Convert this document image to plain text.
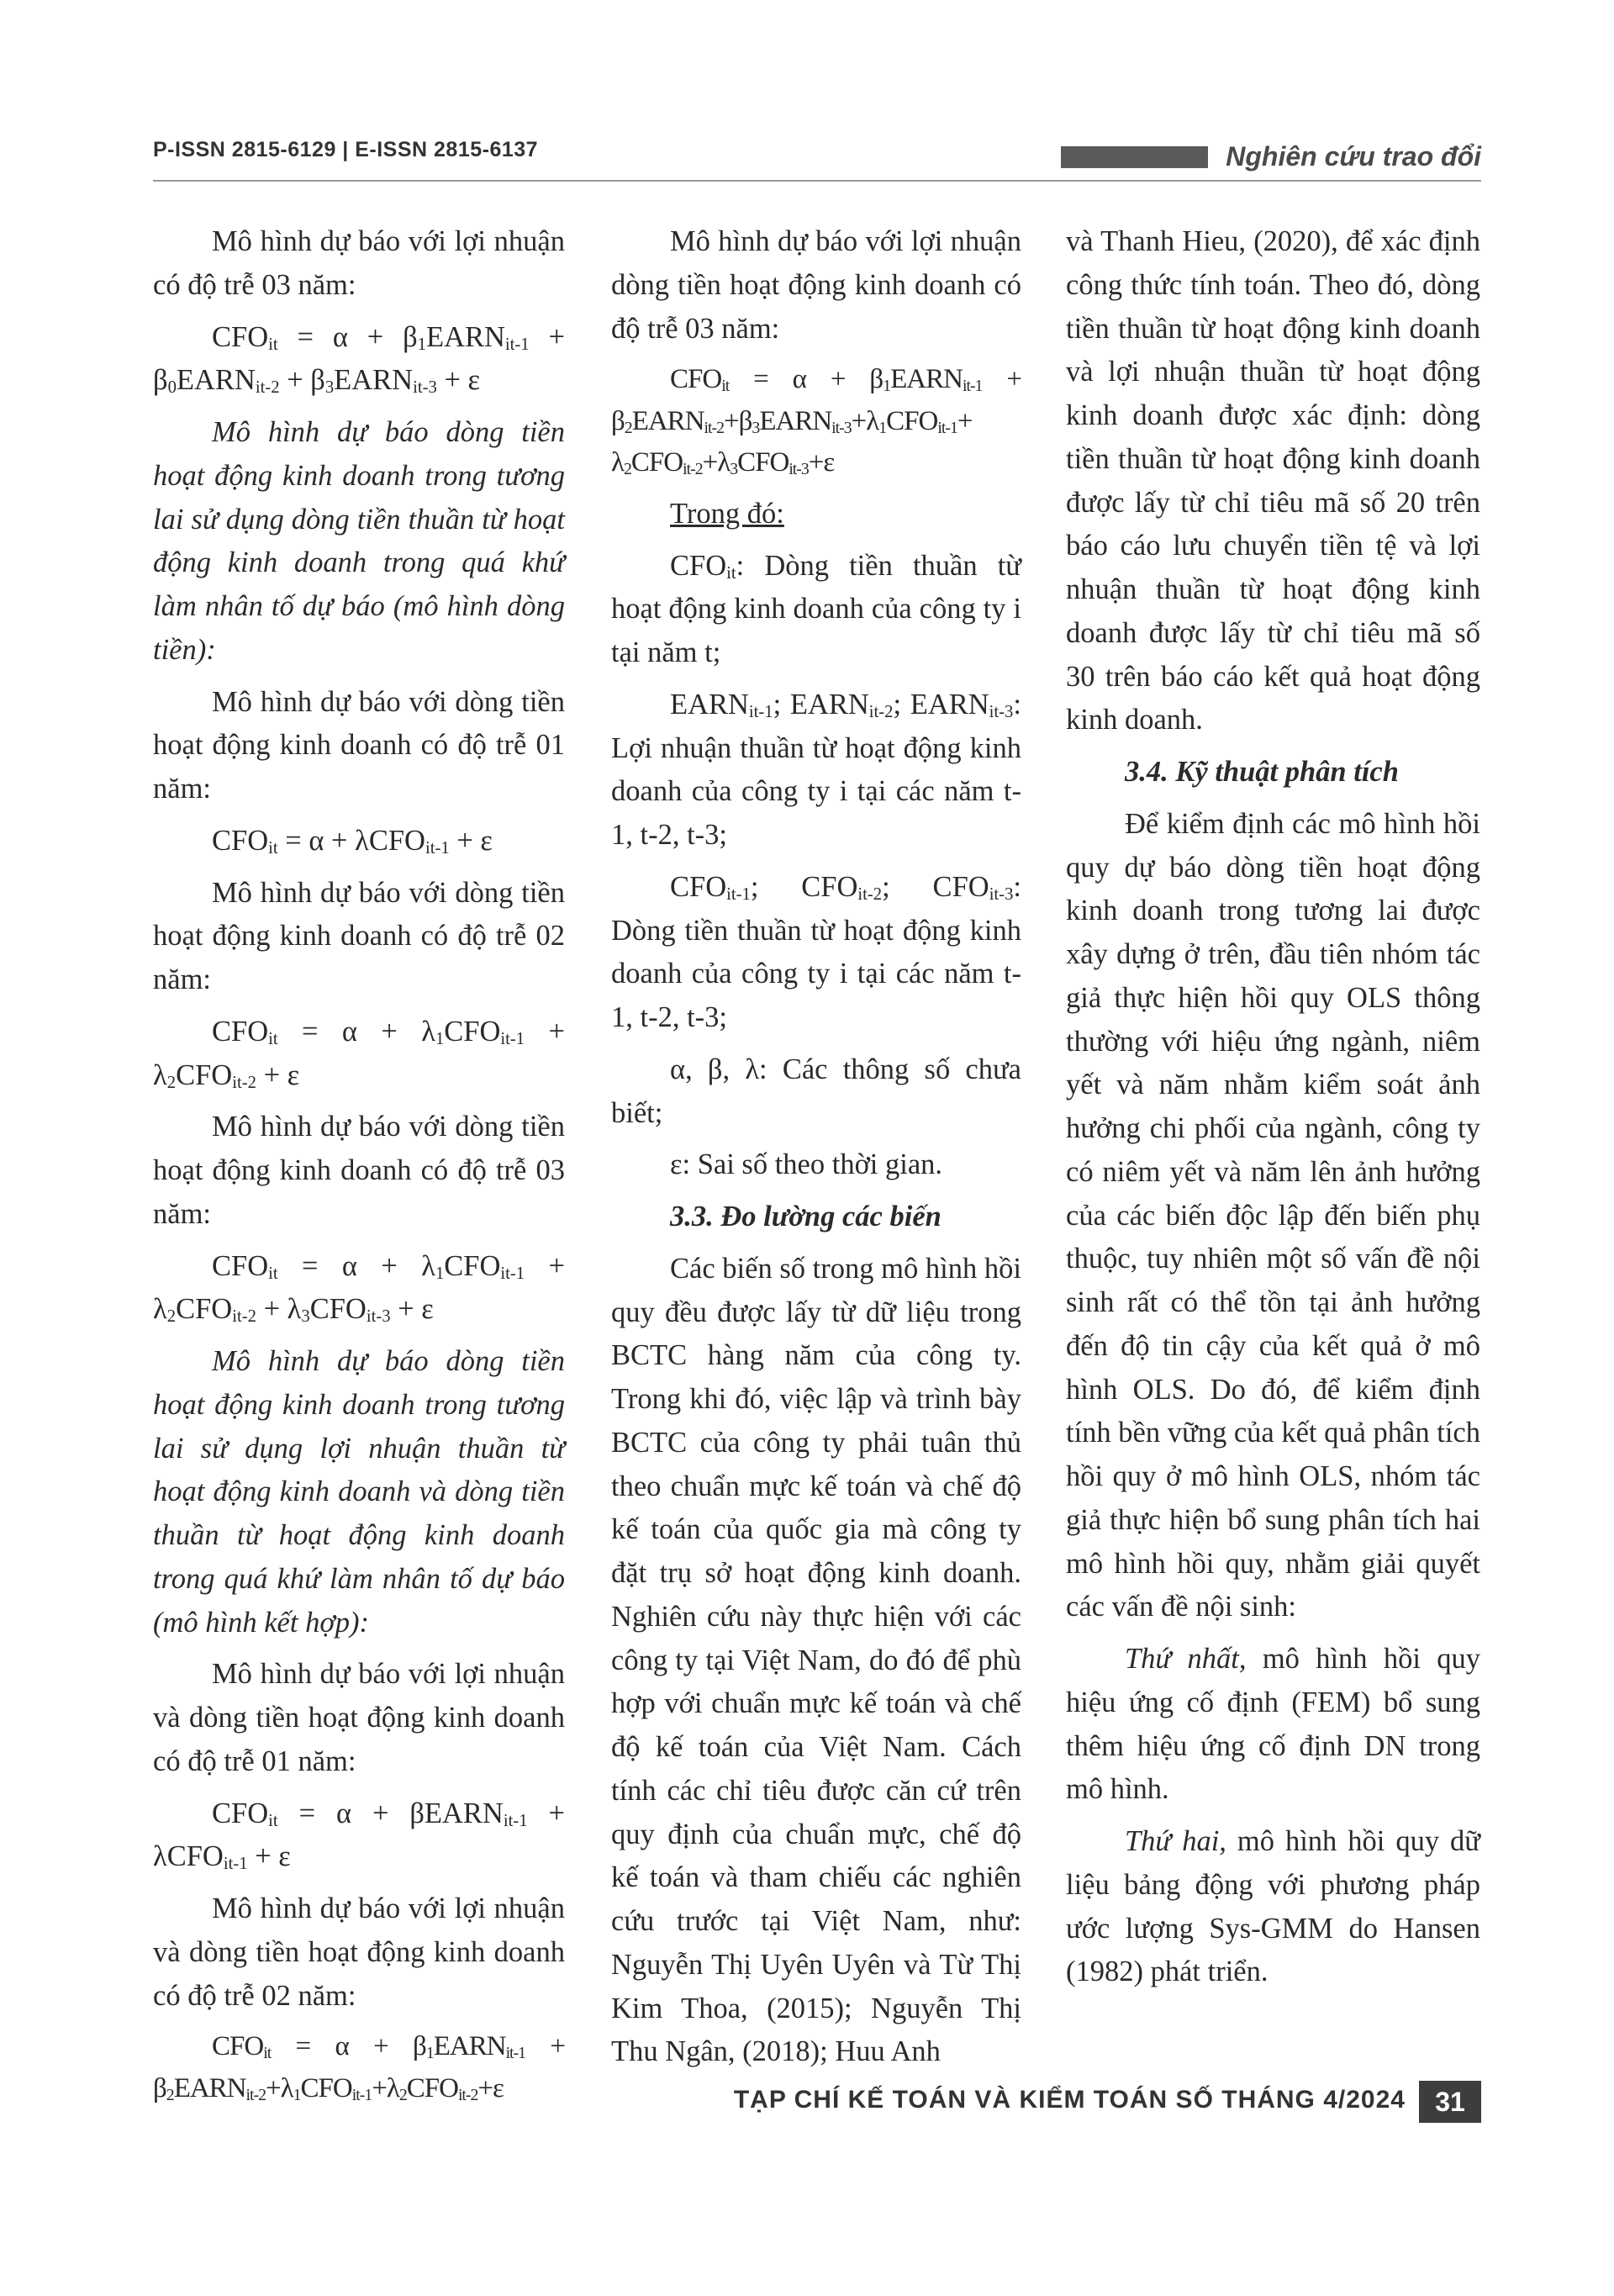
P-ISSN 2815-6129 | E-ISSN 2815-6137	Nghiên cứu trao đổi

Mô hình dự báo với lợi nhuận có độ trễ 03 năm:

$CFO_{it} = \alpha$ + $\beta_1EARN_{it-1}$ + $\beta_0EARN_{it-2}$ + $\beta_3EARN_{it-3} + \varepsilon$

Mô hình dự báo dòng tiền hoạt động kinh doanh trong tương lai sử dụng dòng tiền thuần từ hoạt động kinh doanh trong quá khứ làm nhân tố dự báo (mô hình dòng tiền):

Mô hình dự báo với dòng tiền hoạt động kinh doanh có độ trễ 01 năm:

$CFO_{it} = \alpha + \lambda CFO_{it-1} + \varepsilon$

Mô hình dự báo với dòng tiền hoạt động kinh doanh có độ trễ 02 năm:

$CFO_{it} = \alpha + \lambda_1CFO_{it-1} + \lambda_2CFO_{it-2} + \varepsilon$

Mô hình dự báo với dòng tiền hoạt động kinh doanh có độ trễ 03 năm:

$CFO_{it} = \alpha + \lambda_1CFO_{it-1} + \lambda_2CFO_{it-2} + \lambda_3CFO_{it-3} + \varepsilon$

Mô hình dự báo dòng tiền hoạt động kinh doanh trong tương lai sử dụng lợi nhuận thuần từ hoạt động kinh doanh và dòng tiền thuần từ hoạt động kinh doanh trong quá khứ làm nhân tố dự báo (mô hình kết hợp):

Mô hình dự báo với lợi nhuận và dòng tiền hoạt động kinh doanh có độ trễ 01 năm:

$CFO_{it} = \alpha$ + βEARN$_{it-1}$ + λCFO$_{it-1}$ + ε

Mô hình dự báo với lợi nhuận và dòng tiền hoạt động kinh doanh có độ trễ 02 năm:

$CFO_{it} = \alpha$ + $\beta_1EARN_{it-1}$ + $\beta_2EARN_{it-2}+\lambda_1CFO_{it-1}+\lambda_2CFO_{it-2}+\varepsilon$

Mô hình dự báo với lợi nhuận dòng tiền hoạt động kinh doanh có độ trễ 03 năm:

$CFO_{it} = \alpha$ + $\beta_1EARN_{it-1}$ + $\beta_2EARN_{it-2}+\beta_3EARN_{it-3}+\lambda_1CFO_{it-1}+ \lambda_2CFO_{it-2}+\lambda_3CFO_{it-3}+\varepsilon$

Trong đó:

$CFO_{it}$: Dòng tiền thuần từ hoạt động kinh doanh của công ty i tại năm t;

$EARN_{it-1}$; $EARN_{it-2}$; $EARN_{it-3}$: Lợi nhuận thuần từ hoạt động kinh doanh của công ty i tại các năm t-1, t-2, t-3;

$CFO_{it-1}$; $CFO_{it-2}$; $CFO_{it-3}$: Dòng tiền thuần từ hoạt động kinh doanh của công ty i tại các năm t-1, t-2, t-3;

α, β, λ: Các thông số chưa biết;

ε: Sai số theo thời gian.

3.3. Đo lường các biến

Các biến số trong mô hình hồi quy đều được lấy từ dữ liệu trong BCTC hàng năm của công ty. Trong khi đó, việc lập và trình bày BCTC của công ty phải tuân thủ theo chuẩn mực kế toán và chế độ kế toán của quốc gia mà công ty đặt trụ sở hoạt động kinh doanh. Nghiên cứu này thực hiện với các công ty tại Việt Nam, do đó để phù hợp với chuẩn mực kế toán và chế độ kế toán của Việt Nam. Cách tính các chỉ tiêu được căn cứ trên quy định của chuẩn mực, chế độ kế toán và tham chiếu các nghiên cứu trước tại Việt Nam, như: Nguyễn Thị Uyên Uyên và Từ Thị Kim Thoa, (2015); Nguyễn Thị Thu Ngân, (2018); Huu Anh

và Thanh Hieu, (2020), để xác định công thức tính toán. Theo đó, dòng tiền thuần từ hoạt động kinh doanh và lợi nhuận thuần từ hoạt động kinh doanh được xác định: dòng tiền thuần từ hoạt động kinh doanh được lấy từ chỉ tiêu mã số 20 trên báo cáo lưu chuyển tiền tệ và lợi nhuận thuần từ hoạt động kinh doanh được lấy từ chỉ tiêu mã số 30 trên báo cáo kết quả hoạt động kinh doanh.

3.4. Kỹ thuật phân tích

Để kiểm định các mô hình hồi quy dự báo dòng tiền hoạt động kinh doanh trong tương lai được xây dựng ở trên, đầu tiên nhóm tác giả thực hiện hồi quy OLS thông thường với hiệu ứng ngành, niêm yết và năm nhằm kiểm soát ảnh hưởng chi phối của ngành, công ty có niêm yết và năm lên ảnh hưởng của các biến độc lập đến biến phụ thuộc, tuy nhiên một số vấn đề nội sinh rất có thể tồn tại ảnh hưởng đến độ tin cậy của kết quả ở mô hình OLS. Do đó, để kiểm định tính bền vững của kết quả phân tích hồi quy ở mô hình OLS, nhóm tác giả thực hiện bổ sung phân tích hai mô hình hồi quy, nhằm giải quyết các vấn đề nội sinh:

Thứ nhất, mô hình hồi quy hiệu ứng cố định (FEM) bổ sung thêm hiệu ứng cố định DN trong mô hình.

Thứ hai, mô hình hồi quy dữ liệu bảng động với phương pháp ước lượng Sys-GMM do Hansen (1982) phát triển.

TẠP CHÍ KẾ TOÁN VÀ KIỂM TOÁN SỐ THÁNG 4/2024	31
